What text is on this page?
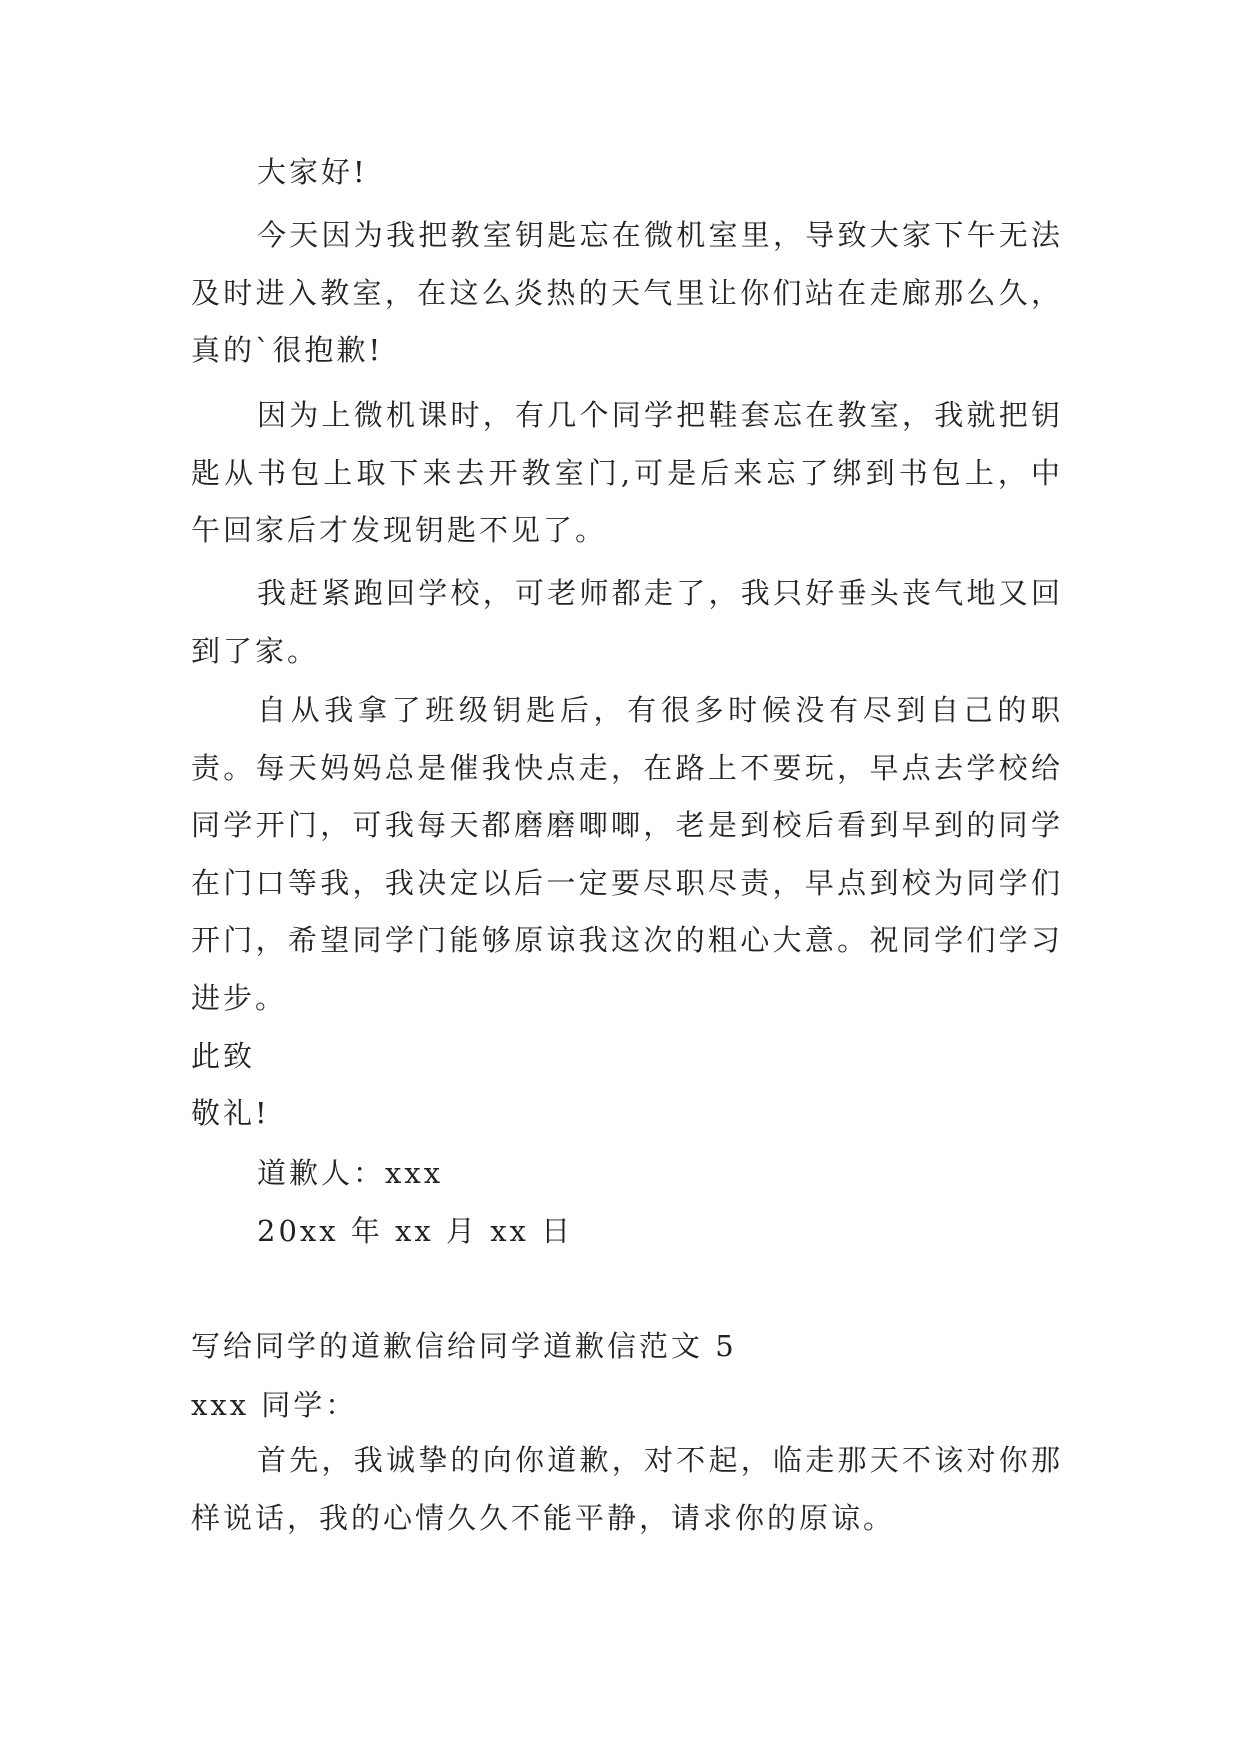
大家好!

今天因为我把教室钥匙忘在微机室里，导致大家下午无法及时进入教室，在这么炎热的天气里让你们站在走廊那么久，真的`很抱歉!

因为上微机课时，有几个同学把鞋套忘在教室，我就把钥匙从书包上取下来去开教室门,可是后来忘了绑到书包上，中午回家后才发现钥匙不见了。

我赶紧跑回学校，可老师都走了，我只好垂头丧气地又回到了家。

自从我拿了班级钥匙后，有很多时候没有尽到自己的职责。每天妈妈总是催我快点走，在路上不要玩，早点去学校给同学开门，可我每天都磨磨唧唧，老是到校后看到早到的同学在门口等我，我决定以后一定要尽职尽责，早点到校为同学们开门，希望同学门能够原谅我这次的粗心大意。祝同学们学习进步。

此致
敬礼!
道歉人：xxx
20xx 年 xx 月 xx 日
写给同学的道歉信给同学道歉信范文 5
xxx 同学：

首先，我诚挚的向你道歉，对不起，临走那天不该对你那样说话，我的心情久久不能平静，请求你的原谅。
